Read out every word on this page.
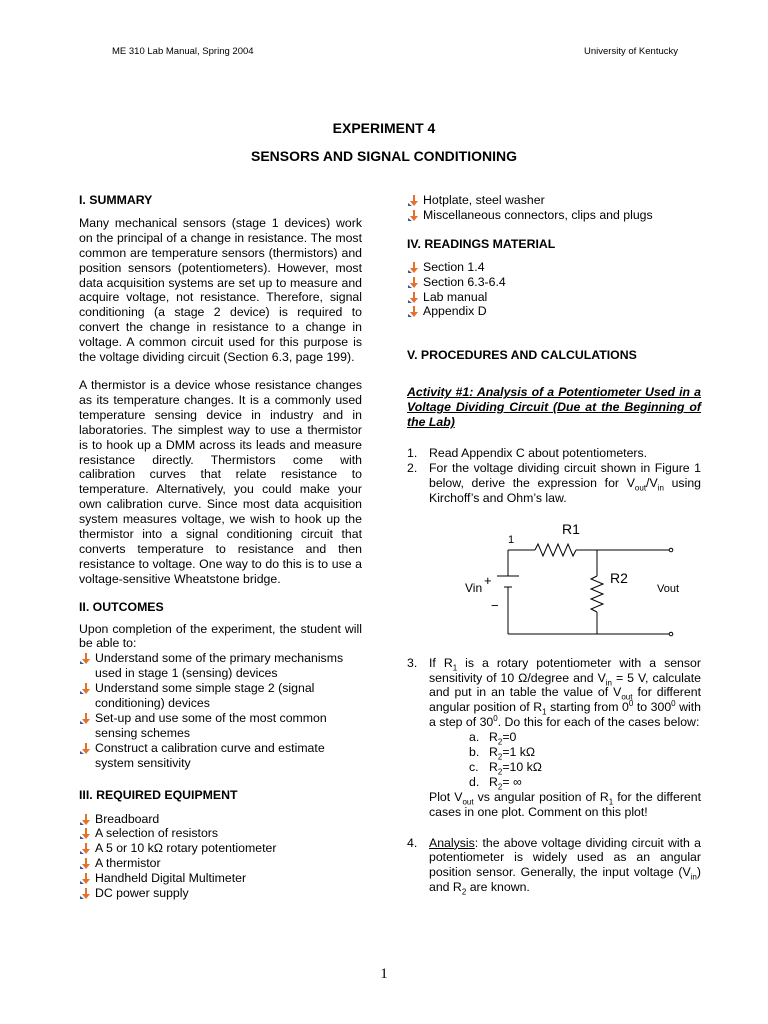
ME 310 Lab Manual, Spring 2004	University of Kentucky
EXPERIMENT 4
SENSORS AND SIGNAL CONDITIONING

I. SUMMARY

Many mechanical sensors (stage 1 devices) work on the principal of a change in resistance. The most common are temperature sensors (thermistors) and position sensors (potentiometers). However, most data acquisition systems are set up to measure and acquire voltage, not resistance. Therefore, signal conditioning (a stage 2 device) is required to convert the change in resistance to a change in voltage. A common circuit used for this purpose is the voltage dividing circuit (Section 6.3, page 199).

A thermistor is a device whose resistance changes as its temperature changes. It is a commonly used temperature sensing device in industry and in laboratories. The simplest way to use a thermistor is to hook up a DMM across its leads and measure resistance directly. Thermistors come with calibration curves that relate resistance to temperature. Alternatively, you could make your own calibration curve. Since most data acquisition system measures voltage, we wish to hook up the thermistor into a signal conditioning circuit that converts temperature to resistance and then resistance to voltage. One way to do this is to use a voltage-sensitive Wheatstone bridge.

II. OUTCOMES

Upon completion of the experiment, the student will be able to:

Understand some of the primary mechanisms used in stage 1 (sensing) devices
Understand some simple stage 2 (signal conditioning) devices
Set-up and use some of the most common sensing schemes
Construct a calibration curve and estimate system sensitivity

III. REQUIRED EQUIPMENT

Breadboard
A selection of resistors
A 5 or 10 kΩ rotary potentiometer
A thermistor
Handheld Digital Multimeter
DC power supply
Hotplate, steel washer
Miscellaneous connectors, clips and plugs

IV. READINGS MATERIAL

Section 1.4
Section 6.3-6.4
Lab manual
Appendix D

V. PROCEDURES AND CALCULATIONS

Activity #1: Analysis of a Potentiometer Used in a Voltage Dividing Circuit (Due at the Beginning of the Lab)

1. Read Appendix C about potentiometers.

2. For the voltage dividing circuit shown in Figure 1 below, derive the expression for $V_{out}/V_{in}$ using Kirchoff’s and Ohm’s law.

1
R1
R2
Vin +
−
Vout

3. If $R_1$ is a rotary potentiometer with a sensor sensitivity of 10 Ω/degree and $V_{in} = 5$ V, calculate and put in an table the value of $V_{out}$ for different angular position of $R_1$ starting from $0^0$ to $300^0$ with a step of $30^0$. Do this for each of the cases below:

a. $R_2=0$
b. $R_2=1$ kΩ
c. $R_2=10$ kΩ
d. $R_2=$ ∞

Plot $V_{out}$ vs angular position of $R_1$ for the different cases in one plot. Comment on this plot!

4. Analysis: the above voltage dividing circuit with a potentiometer is widely used as an angular position sensor. Generally, the input voltage $(V_{in})$ and $R_2$ are known.

1
